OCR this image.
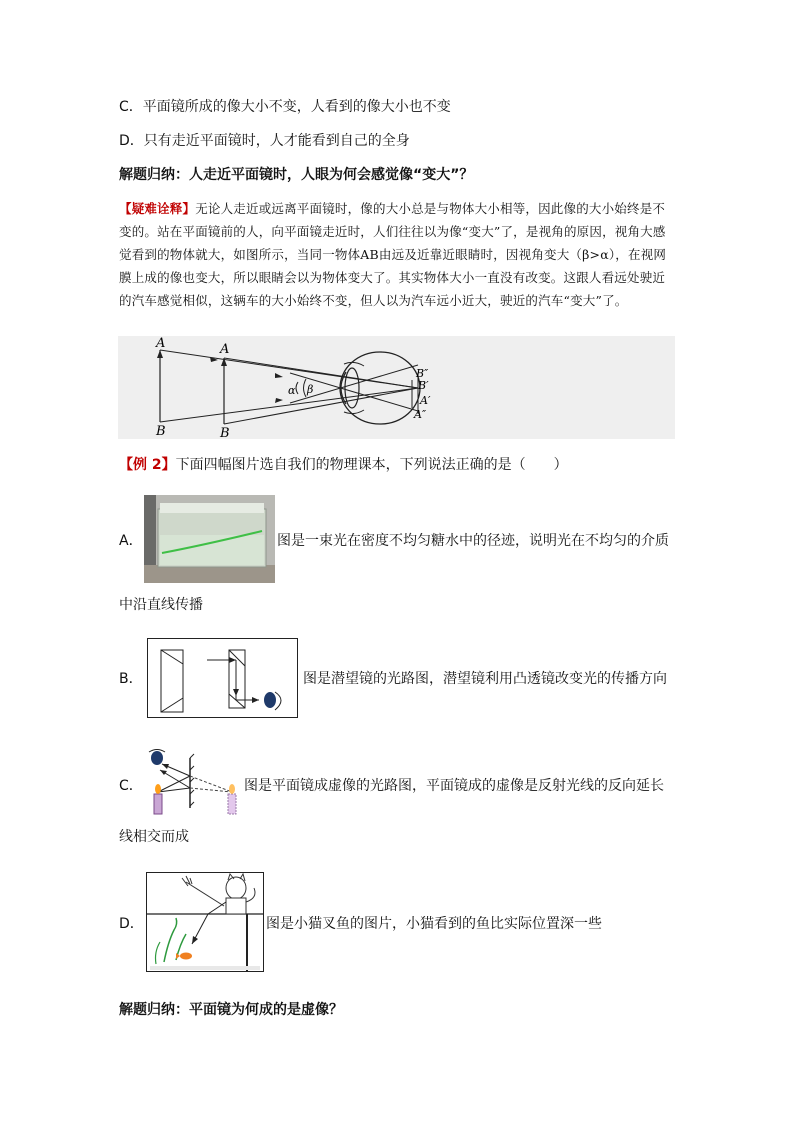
C．平面镜所成的像大小不变，人看到的像大小也不变
D．只有走近平面镜时，人才能看到自己的全身
解题归纳：人走近平面镜时，人眼为何会感觉像“变大”？
【疑难诠释】无论人走近或远离平面镜时，像的大小总是与物体大小相等，因此像的大小始终是不变的。站在平面镜前的人，向平面镜走近时，人们往往以为像“变大”了，是视角的原因，视角大感觉看到的物体就大，如图所示，当同一物体AB由远及近靠近眼睛时，因视角变大（β>α），在视网膜上成的像也变大，所以眼睛会以为物体变大了。其实物体大小一直没有改变。这跟人看远处驶近的汽车感觉相似，这辆车的大小始终不变，但人以为汽车远小近大，驶近的汽车“变大”了。
A
B
A
B
α β
B″
B′
A′
A″
【例 2】下面四幅图片选自我们的物理课本，下列说法正确的是（　　）
A．	图是一束光在密度不均匀糖水中的径迹，说明光在不均匀的介质
中沿直线传播
B．	图是潜望镜的光路图，潜望镜利用凸透镜改变光的传播方向
C．	图是平面镜成虚像的光路图，平面镜成的虚像是反射光线的反向延长
线相交而成
D．	图是小猫叉鱼的图片，小猫看到的鱼比实际位置深一些
解题归纳：平面镜为何成的是虚像？
